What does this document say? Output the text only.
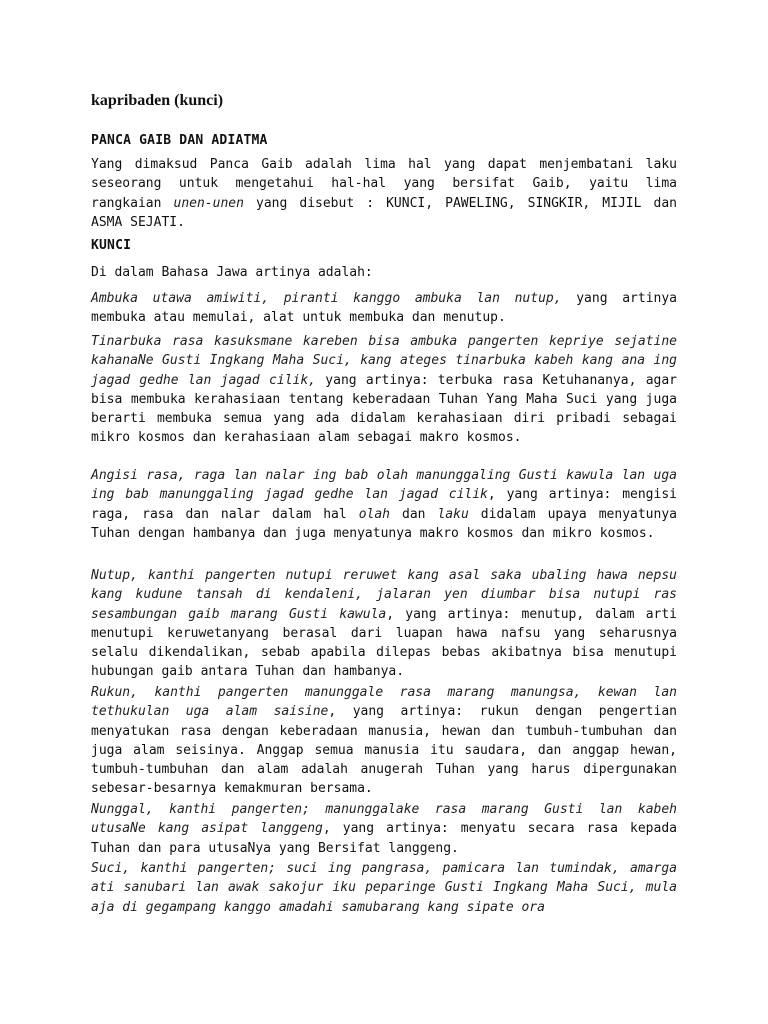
kapribaden (kunci)
PANCA GAIB DAN ADIATMA
Yang dimaksud Panca Gaib adalah lima hal yang dapat menjembatani laku seseorang untuk mengetahui hal-hal yang bersifat Gaib, yaitu lima rangkaian unen-unen yang disebut : KUNCI, PAWELING, SINGKIR, MIJIL dan ASMA SEJATI.
KUNCI
Di dalam Bahasa Jawa artinya adalah:
Ambuka utawa amiwiti, piranti kanggo ambuka lan nutup, yang artinya membuka atau memulai, alat untuk membuka dan menutup.
Tinarbuka rasa kasuksmane kareben bisa ambuka pangerten kepriye sejatine kahanaNe Gusti Ingkang Maha Suci, kang ateges tinarbuka kabeh kang ana ing jagad gedhe lan jagad cilik, yang artinya: terbuka rasa Ketuhananya, agar bisa membuka kerahasiaan tentang keberadaan Tuhan Yang Maha Suci yang juga berarti membuka semua yang ada didalam kerahasiaan diri pribadi sebagai mikro kosmos dan kerahasiaan alam sebagai makro kosmos.
Angisi rasa, raga lan nalar ing bab olah manunggaling Gusti kawula lan uga ing bab manunggaling jagad gedhe lan jagad cilik, yang artinya: mengisi raga, rasa dan nalar dalam hal olah dan laku didalam upaya menyatunya Tuhan dengan hambanya dan juga menyatunya makro kosmos dan mikro kosmos.
Nutup, kanthi pangerten nutupi reruwet kang asal saka ubaling hawa nepsu kang kudune tansah di kendaleni, jalaran yen diumbar bisa nutupi ras sesambungan gaib marang Gusti kawula, yang artinya: menutup, dalam arti menutupi keruwetanyang berasal dari luapan hawa nafsu yang seharusnya selalu dikendalikan, sebab apabila dilepas bebas akibatnya bisa menutupi hubungan gaib antara Tuhan dan hambanya.
Rukun, kanthi pangerten manunggale rasa marang manungsa, kewan lan tethukulan uga alam saisine, yang artinya: rukun dengan pengertian menyatukan rasa dengan keberadaan manusia, hewan dan tumbuh-tumbuhan dan juga alam seisinya. Anggap semua manusia itu saudara, dan anggap hewan, tumbuh-tumbuhan dan alam adalah anugerah Tuhan yang harus dipergunakan sebesar-besarnya kemakmuran bersama.
Nunggal, kanthi pangerten; manunggalake rasa marang Gusti lan kabeh utusaNe kang asipat langgeng, yang artinya: menyatu secara rasa kepada Tuhan dan para utusaNya yang Bersifat langgeng.
Suci, kanthi pangerten; suci ing pangrasa, pamicara lan tumindak, amarga ati sanubari lan awak sakojur iku peparinge Gusti Ingkang Maha Suci, mula aja di gegampang kanggo amadahi samubarang kang sipate ora
